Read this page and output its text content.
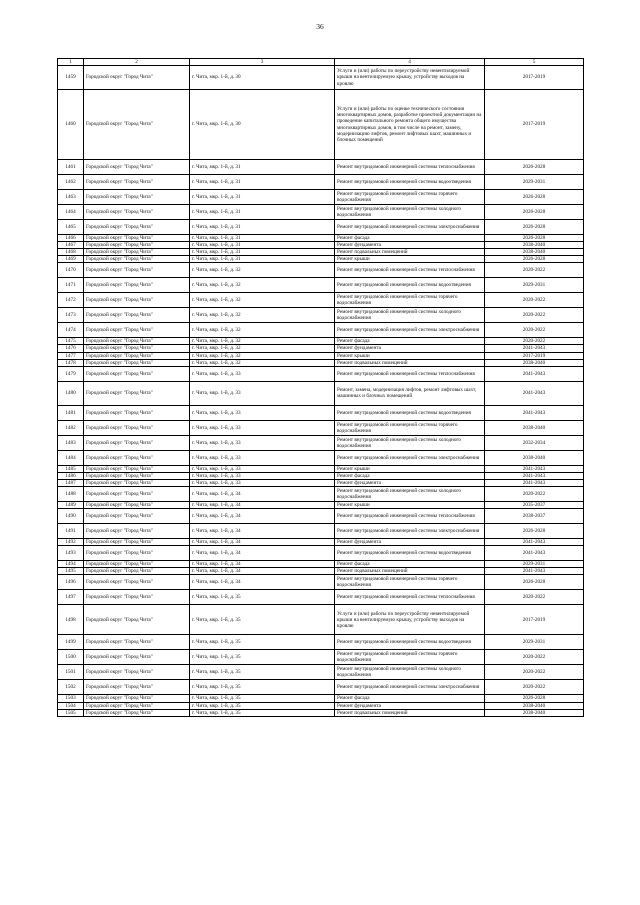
36
1	2	3	4	5
1459	Городской округ "Город Чита"	г. Чита, мкр. 1-й, д. 30	Услуги и (или) работы по переустройству невентилируемой крыши на вентилируемую крышу, устройству выходов на кровлю	2017-2019
1460	Городской округ "Город Чита"	г. Чита, мкр. 1-й, д. 30	Услуги и (или) работы по оценке технического состояния многоквартирных домов, разработке проектной документации на проведение капитального ремонта общего имущества многоквартирных домов, в том числе на ремонт, замену, модернизацию лифтов, ремонт лифтовых шахт, машинных и блочных помещений	2017-2019
1461	Городской округ "Город Чита"	г. Чита, мкр. 1-й, д. 31	Ремонт внутридомовой инженерной системы теплоснабжения	2026-2028
1462	Городской округ "Город Чита"	г. Чита, мкр. 1-й, д. 31	Ремонт внутридомовой инженерной системы водоотведения	2029-2031
1463	Городской округ "Город Чита"	г. Чита, мкр. 1-й, д. 31	Ремонт внутридомовой инженерной системы горячего водоснабжения	2026-2028
1464	Городской округ "Город Чита"	г. Чита, мкр. 1-й, д. 31	Ремонт внутридомовой инженерной системы холодного водоснабжения	2026-2028
1465	Городской округ "Город Чита"	г. Чита, мкр. 1-й, д. 31	Ремонт внутридомовой инженерной системы электроснабжения	2026-2028
1466	Городской округ "Город Чита"	г. Чита, мкр. 1-й, д. 31	Ремонт фасада	2026-2028
1467	Городской округ "Город Чита"	г. Чита, мкр. 1-й, д. 31	Ремонт фундамента	2038-2040
1468	Городской округ "Город Чита"	г. Чита, мкр. 1-й, д. 31	Ремонт подвальных помещений	2038-2040
1469	Городской округ "Город Чита"	г. Чита, мкр. 1-й, д. 31	Ремонт крыши	2026-2028
1470	Городской округ "Город Чита"	г. Чита, мкр. 1-й, д. 32	Ремонт внутридомовой инженерной системы теплоснабжения	2020-2022
1471	Городской округ "Город Чита"	г. Чита, мкр. 1-й, д. 32	Ремонт внутридомовой инженерной системы водоотведения	2029-2031
1472	Городской округ "Город Чита"	г. Чита, мкр. 1-й, д. 32	Ремонт внутридомовой инженерной системы горячего водоснабжения	2020-2022
1473	Городской округ "Город Чита"	г. Чита, мкр. 1-й, д. 32	Ремонт внутридомовой инженерной системы холодного водоснабжения	2020-2022
1474	Городской округ "Город Чита"	г. Чита, мкр. 1-й, д. 32	Ремонт внутридомовой инженерной системы электроснабжения	2020-2022
1475	Городской округ "Город Чита"	г. Чита, мкр. 1-й, д. 32	Ремонт фасада	2020-2022
1476	Городской округ "Город Чита"	г. Чита, мкр. 1-й, д. 32	Ремонт фундамента	2041-2043
1477	Городской округ "Город Чита"	г. Чита, мкр. 1-й, д. 32	Ремонт крыши	2017-2019
1478	Городской округ "Город Чита"	г. Чита, мкр. 1-й, д. 32	Ремонт подвальных помещений	2038-2040
1479	Городской округ "Город Чита"	г. Чита, мкр. 1-й, д. 33	Ремонт внутридомовой инженерной системы теплоснабжения	2041-2043
1480	Городской округ "Город Чита"	г. Чита, мкр. 1-й, д. 33	Ремонт, замена, модернизация лифтов, ремонт лифтовых шахт, машинных и блочных помещений	2041-2043
1481	Городской округ "Город Чита"	г. Чита, мкр. 1-й, д. 33	Ремонт внутридомовой инженерной системы водоотведения	2041-2043
1482	Городской округ "Город Чита"	г. Чита, мкр. 1-й, д. 33	Ремонт внутридомовой инженерной системы горячего водоснабжения	2038-2040
1483	Городской округ "Город Чита"	г. Чита, мкр. 1-й, д. 33	Ремонт внутридомовой инженерной системы холодного водоснабжения	2032-2034
1484	Городской округ "Город Чита"	г. Чита, мкр. 1-й, д. 33	Ремонт внутридомовой инженерной системы электроснабжения	2038-2040
1485	Городской округ "Город Чита"	г. Чита, мкр. 1-й, д. 33	Ремонт крыши	2041-2043
1486	Городской округ "Город Чита"	г. Чита, мкр. 1-й, д. 33	Ремонт фасада	2041-2043
1487	Городской округ "Город Чита"	г. Чита, мкр. 1-й, д. 33	Ремонт фундамента	2041-2043
1488	Городской округ "Город Чита"	г. Чита, мкр. 1-й, д. 34	Ремонт внутридомовой инженерной системы холодного водоснабжения	2020-2022
1489	Городской округ "Город Чита"	г. Чита, мкр. 1-й, д. 34	Ремонт крыши	2035-2037
1490	Городской округ "Город Чита"	г. Чита, мкр. 1-й, д. 34	Ремонт внутридомовой инженерной системы теплоснабжения	2038-2037
1491	Городской округ "Город Чита"	г. Чита, мкр. 1-й, д. 34	Ремонт внутридомовой инженерной системы электроснабжения	2026-2028
1492	Городской округ "Город Чита"	г. Чита, мкр. 1-й, д. 34	Ремонт фундамента	2041-2043
1493	Городской округ "Город Чита"	г. Чита, мкр. 1-й, д. 34	Ремонт внутридомовой инженерной системы водоотведения	2041-2043
1494	Городской округ "Город Чита"	г. Чита, мкр. 1-й, д. 34	Ремонт фасада	2029-2031
1495	Городской округ "Город Чита"	г. Чита, мкр. 1-й, д. 34	Ремонт подвальных помещений	2041-2043
1496	Городской округ "Город Чита"	г. Чита, мкр. 1-й, д. 34	Ремонт внутридомовой инженерной системы горячего водоснабжения	2026-2028
1497	Городской округ "Город Чита"	г. Чита, мкр. 1-й, д. 35	Ремонт внутридомовой инженерной системы теплоснабжения	2020-2022
1498	Городской округ "Город Чита"	г. Чита, мкр. 1-й, д. 35	Услуги и (или) работы по переустройству невентилируемой крыши на вентилируемую крышу, устройству выходов на кровлю	2017-2019
1499	Городской округ "Город Чита"	г. Чита, мкр. 1-й, д. 35	Ремонт внутридомовой инженерной системы водоотведения	2029-2031
1500	Городской округ "Город Чита"	г. Чита, мкр. 1-й, д. 35	Ремонт внутридомовой инженерной системы горячего водоснабжения	2020-2022
1501	Городской округ "Город Чита"	г. Чита, мкр. 1-й, д. 35	Ремонт внутридомовой инженерной системы холодного водоснабжения	2020-2022
1502	Городской округ "Город Чита"	г. Чита, мкр. 1-й, д. 35	Ремонт внутридомовой инженерной системы электроснабжения	2020-2022
1503	Городской округ "Город Чита"	г. Чита, мкр. 1-й, д. 35	Ремонт фасада	2026-2028
1504	Городской округ "Город Чита"	г. Чита, мкр. 1-й, д. 35	Ремонт фундамента	2038-2040
1505	Городской округ "Город Чита"	г. Чита, мкр. 1-й, д. 35	Ремонт подвальных помещений	2038-2040
